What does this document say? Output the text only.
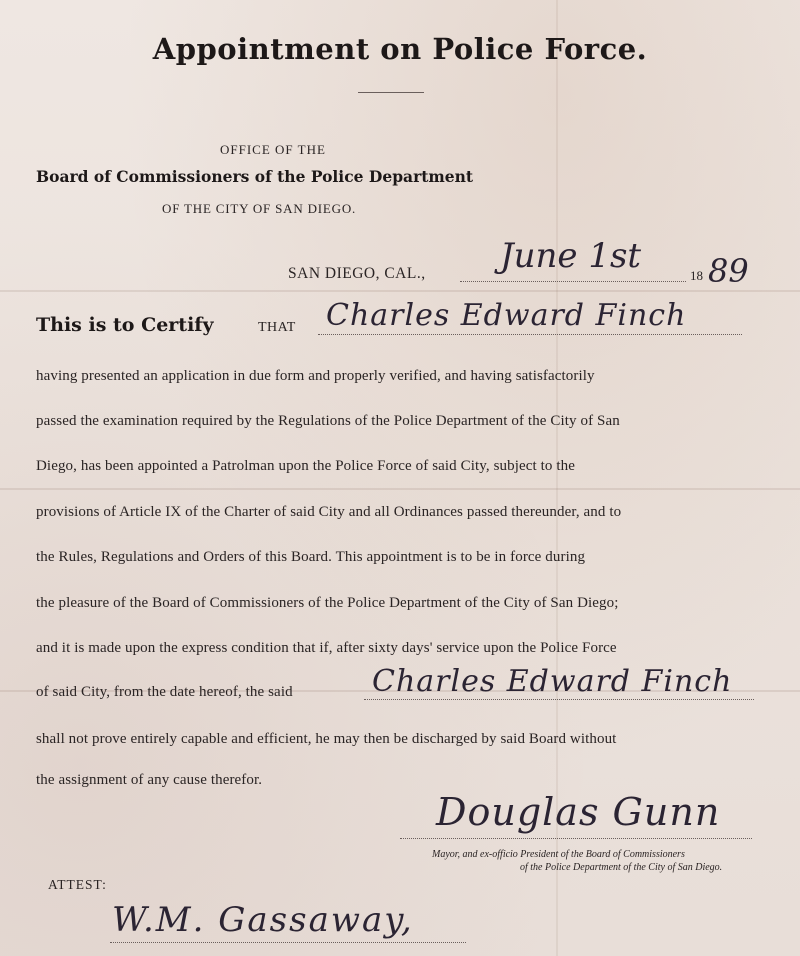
Appointment on Police Force.
OFFICE OF THE
Board of Commissioners of the Police Department
OF THE CITY OF SAN DIEGO.
SAN DIEGO, CAL., June 1st	18 89
This is to Certify	THAT Charles Edward Finch
having presented an application in due form and properly verified, and having satisfactorily
passed the examination required by the Regulations of the Police Department of the City of San
Diego, has been appointed a Patrolman upon the Police Force of said City, subject to the
provisions of Article IX of the Charter of said City and all Ordinances passed thereunder, and to
the Rules, Regulations and Orders of this Board. This appointment is to be in force during
the pleasure of the Board of Commissioners of the Police Department of the City of San Diego;
and it is made upon the express condition that if, after sixty days' service upon the Police Force
of said City, from the date hereof, the said	Charles Edward Finch
shall not prove entirely capable and efficient, he may then be discharged by said Board without
the assignment of any cause therefor.
Douglas Gunn
Mayor, and ex-officio President of the Board of Commissioners
of the Police Department of the City of San Diego.
ATTEST:
W.M. Gassaway,
